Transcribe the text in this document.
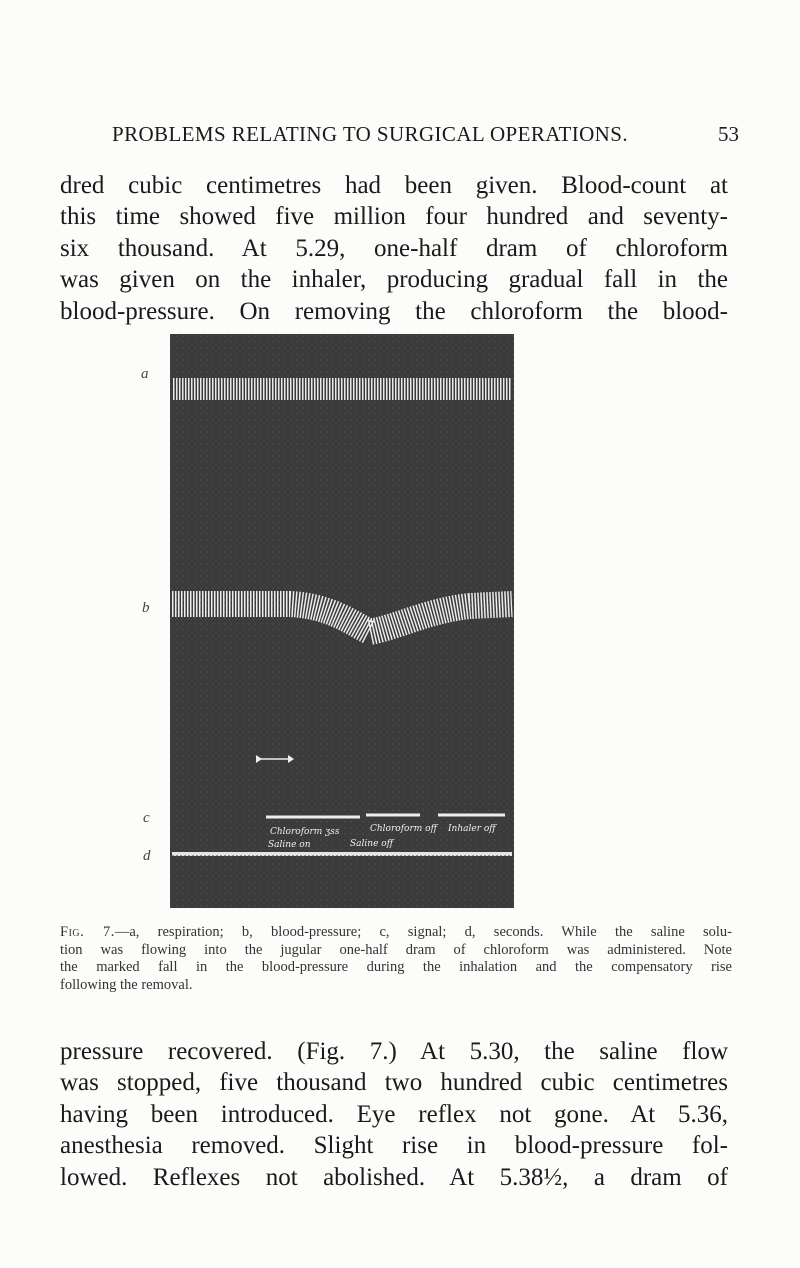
PROBLEMS RELATING TO SURGICAL OPERATIONS.	53

dred cubic centimetres had been given. Blood-count at
this time showed five million four hundred and seventy-
six thousand. At 5.29, one-half dram of chloroform
was given on the inhaler, producing gradual fall in the
blood-pressure. On removing the chloroform the blood-

a
b
c
d
Chloroform ʒss	Chloroform off Inhaler off
Saline on	Saline off

Fig. 7.—a, respiration; b, blood-pressure; c, signal; d, seconds. While the saline solu-
tion was flowing into the jugular one-half dram of chloroform was administered. Note
the marked fall in the blood-pressure during the inhalation and the compensatory rise
following the removal.

pressure recovered. (Fig. 7.) At 5.30, the saline flow
was stopped, five thousand two hundred cubic centimetres
having been introduced. Eye reflex not gone. At 5.36,
anesthesia removed. Slight rise in blood-pressure fol-
lowed. Reflexes not abolished. At 5.38½, a dram of
